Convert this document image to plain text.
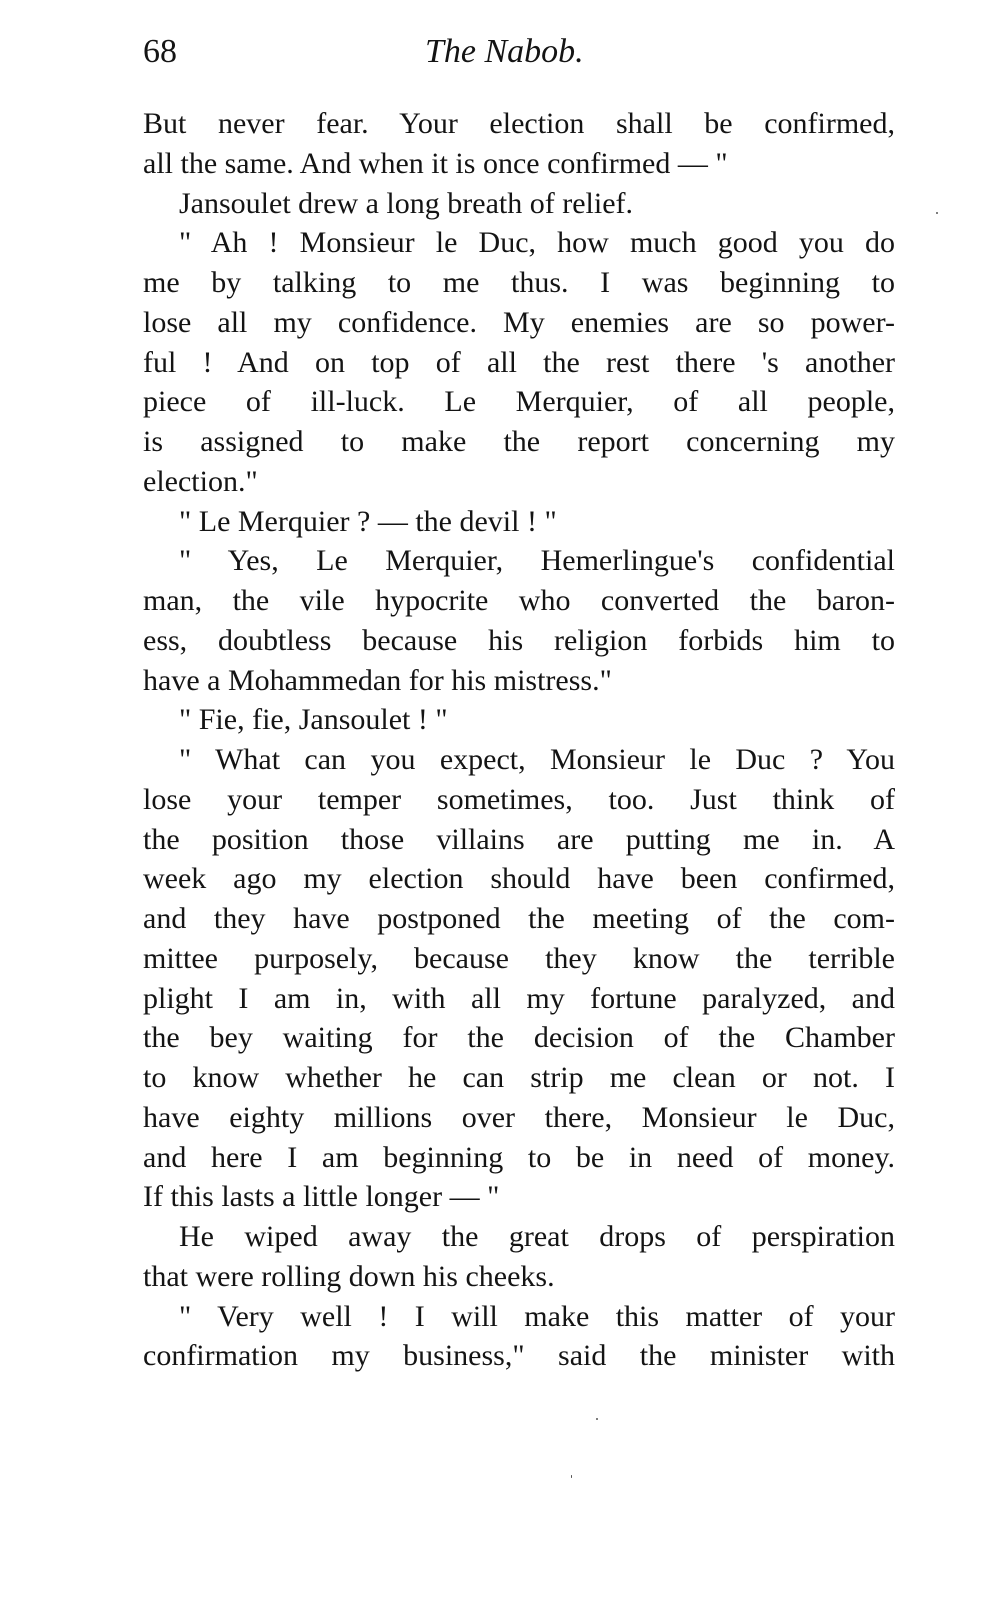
68	The Nabob.
But never fear. Your election shall be confirmed,
all the same. And when it is once confirmed — "
Jansoulet drew a long breath of relief.
" Ah ! Monsieur le Duc, how much good you do
me by talking to me thus. I was beginning to
lose all my confidence. My enemies are so power-
ful ! And on top of all the rest there 's another
piece of ill-luck. Le Merquier, of all people,
is assigned to make the report concerning my
election."
" Le Merquier ? — the devil ! "
" Yes, Le Merquier, Hemerlingue's confidential
man, the vile hypocrite who converted the baron-
ess, doubtless because his religion forbids him to
have a Mohammedan for his mistress."
" Fie, fie, Jansoulet ! "
" What can you expect, Monsieur le Duc ? You
lose your temper sometimes, too. Just think of
the position those villains are putting me in. A
week ago my election should have been confirmed,
and they have postponed the meeting of the com-
mittee purposely, because they know the terrible
plight I am in, with all my fortune paralyzed, and
the bey waiting for the decision of the Chamber
to know whether he can strip me clean or not. I
have eighty millions over there, Monsieur le Duc,
and here I am beginning to be in need of money.
If this lasts a little longer — "
He wiped away the great drops of perspiration
that were rolling down his cheeks.
" Very well ! I will make this matter of your
confirmation my business," said the minister with
